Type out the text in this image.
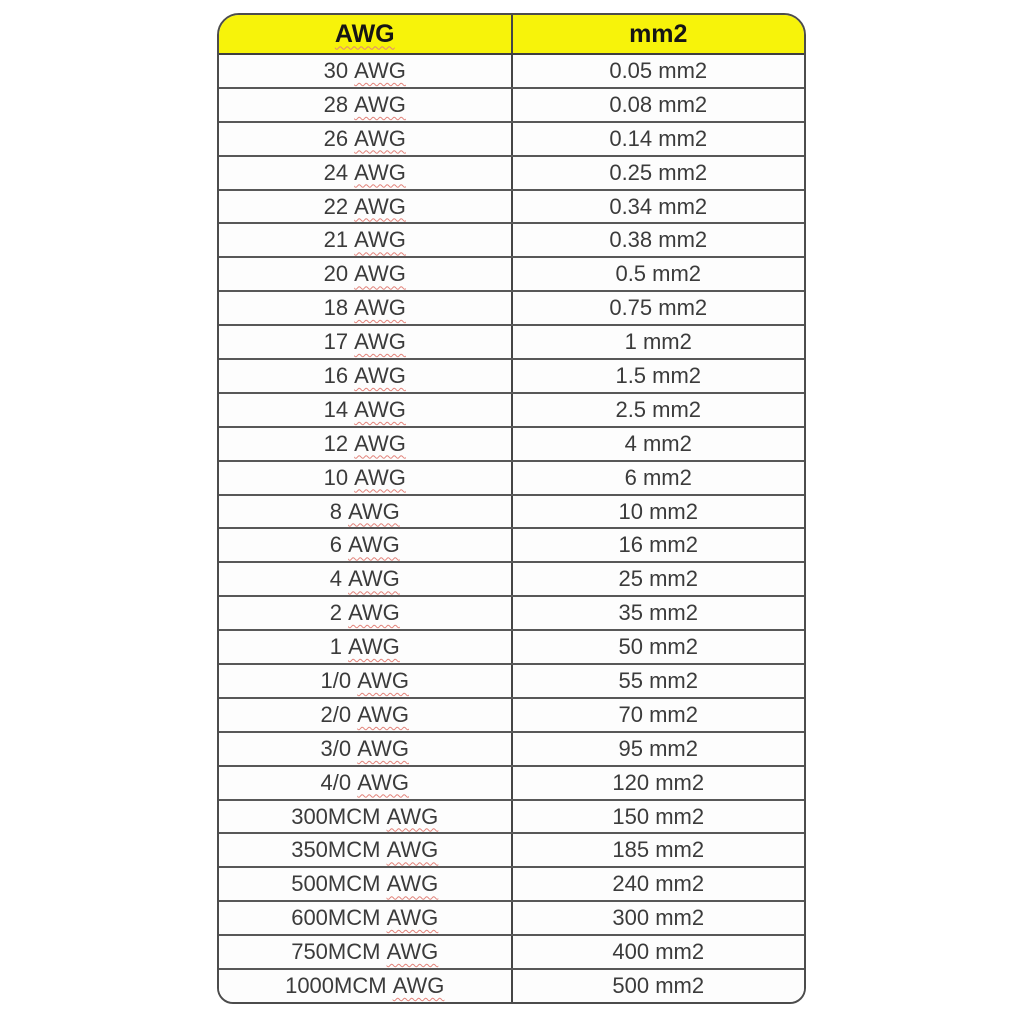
AWG	mm2
30 AWG	0.05 mm2
28 AWG	0.08 mm2
26 AWG	0.14 mm2
24 AWG	0.25 mm2
22 AWG	0.34 mm2
21 AWG	0.38 mm2
20 AWG	0.5 mm2
18 AWG	0.75 mm2
17 AWG	1 mm2
16 AWG	1.5 mm2
14 AWG	2.5 mm2
12 AWG	4 mm2
10 AWG	6 mm2
8 AWG	10 mm2
6 AWG	16 mm2
4 AWG	25 mm2
2 AWG	35 mm2
1 AWG	50 mm2
1/0 AWG	55 mm2
2/0 AWG	70 mm2
3/0 AWG	95 mm2
4/0 AWG	120 mm2
300MCM AWG	150 mm2
350MCM AWG	185 mm2
500MCM AWG	240 mm2
600MCM AWG	300 mm2
750MCM AWG	400 mm2
1000MCM AWG	500 mm2
